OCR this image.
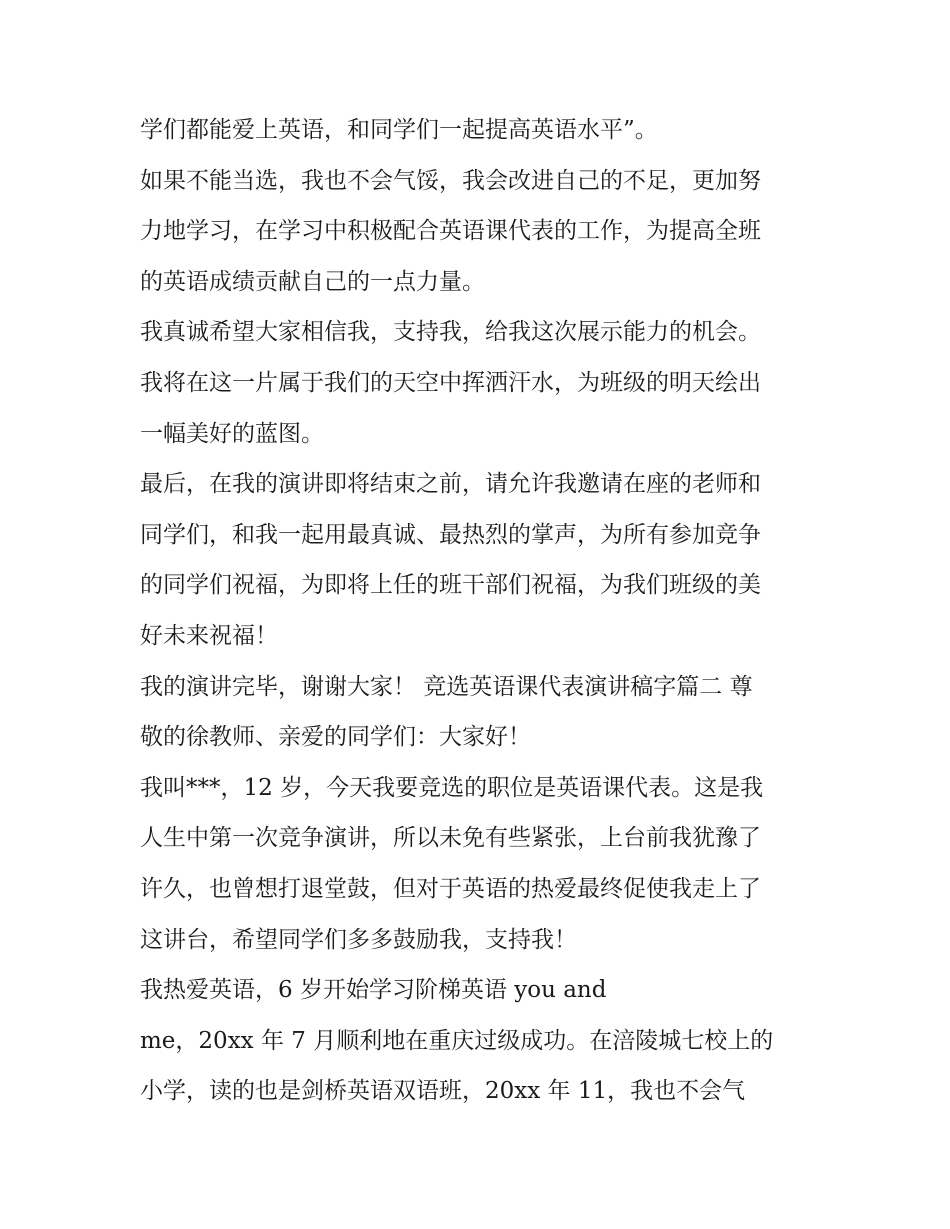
学们都能爱上英语，和同学们一起提高英语水平”。
如果不能当选，我也不会气馁，我会改进自己的不足，更加努
力地学习，在学习中积极配合英语课代表的工作，为提高全班
的英语成绩贡献自己的一点力量。
我真诚希望大家相信我，支持我，给我这次展示能力的机会。
我将在这一片属于我们的天空中挥洒汗水，为班级的明天绘出
一幅美好的蓝图。
最后，在我的演讲即将结束之前，请允许我邀请在座的老师和
同学们，和我一起用最真诚、最热烈的掌声，为所有参加竞争
的同学们祝福，为即将上任的班干部们祝福，为我们班级的美
好未来祝福！
我的演讲完毕，谢谢大家！ 竞选英语课代表演讲稿字篇二 尊
敬的徐教师、亲爱的同学们：大家好！
我叫***，12 岁，今天我要竞选的职位是英语课代表。这是我
人生中第一次竞争演讲，所以未免有些紧张，上台前我犹豫了
许久，也曾想打退堂鼓，但对于英语的热爱最终促使我走上了
这讲台，希望同学们多多鼓励我，支持我！
我热爱英语，6 岁开始学习阶梯英语 you and
me，20xx 年 7 月顺利地在重庆过级成功。在涪陵城七校上的
小学，读的也是剑桥英语双语班，20xx 年 11，我也不会气
